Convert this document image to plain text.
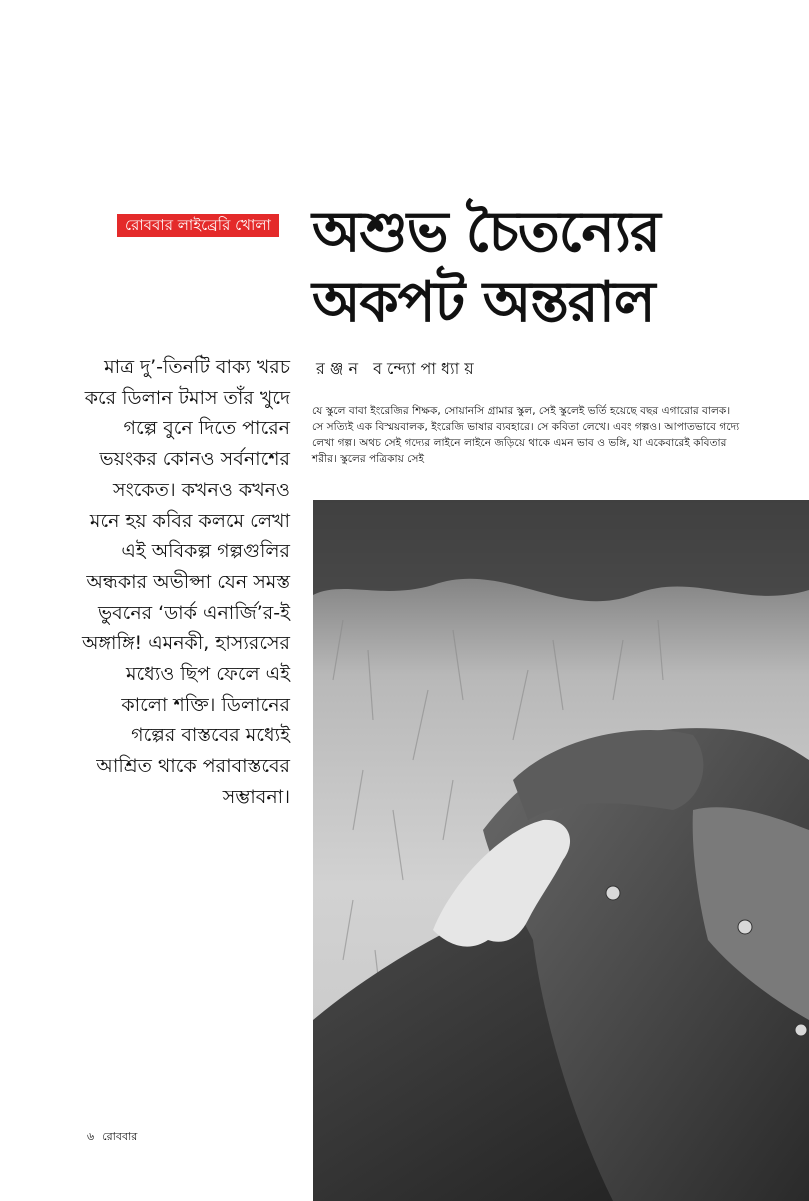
রোববার লাইব্রেরি খোলা অশুভ চৈতন্যের
অকপট অন্তরাল
রঞ্জন বন্দ্যোপাধ্যায়

মাত্র দু’-তিনটি বাক্য খরচ করে ডিলান টমাস তাঁর খুদে গল্পে বুনে দিতে পারেন ভয়ংকর কোনও সর্বনাশের সংকেত। কখনও কখনও মনে হয় কবির কলমে লেখা এই অবিকল্প গল্পগুলির অন্ধকার অভীপ্সা যেন সমস্ত ভুবনের ‘ডার্ক এনার্জি’র-ই অঙ্গাঙ্গি! এমনকী, হাস্যরসের মধ্যেও ছিপ ফেলে এই কালো শক্তি। ডিলানের গল্পের বাস্তবের মধ্যেই আশ্রিত থাকে পরাবাস্তবের সম্ভাবনা।

যে স্কুলে বাবা ইংরেজির শিক্ষক, সোয়ানসি গ্রামার স্কুল, সেই স্কুলেই ভর্তি হয়েছে বছর এগারোর বালক। সে সত্যিই এক বিস্ময়বালক, ইংরেজি ভাষার ব্যবহারে। সে কবিতা লেখে। এবং গল্পও। আপাতভাবে গদ্যে লেখা গল্প। অথচ সেই গদ্যের লাইনে লাইনে জড়িয়ে থাকে এমন ভাব ও ভঙ্গি, যা একেবারেই কবিতার শরীর। স্কুলের পত্রিকায় সেই

৬ রোববার
